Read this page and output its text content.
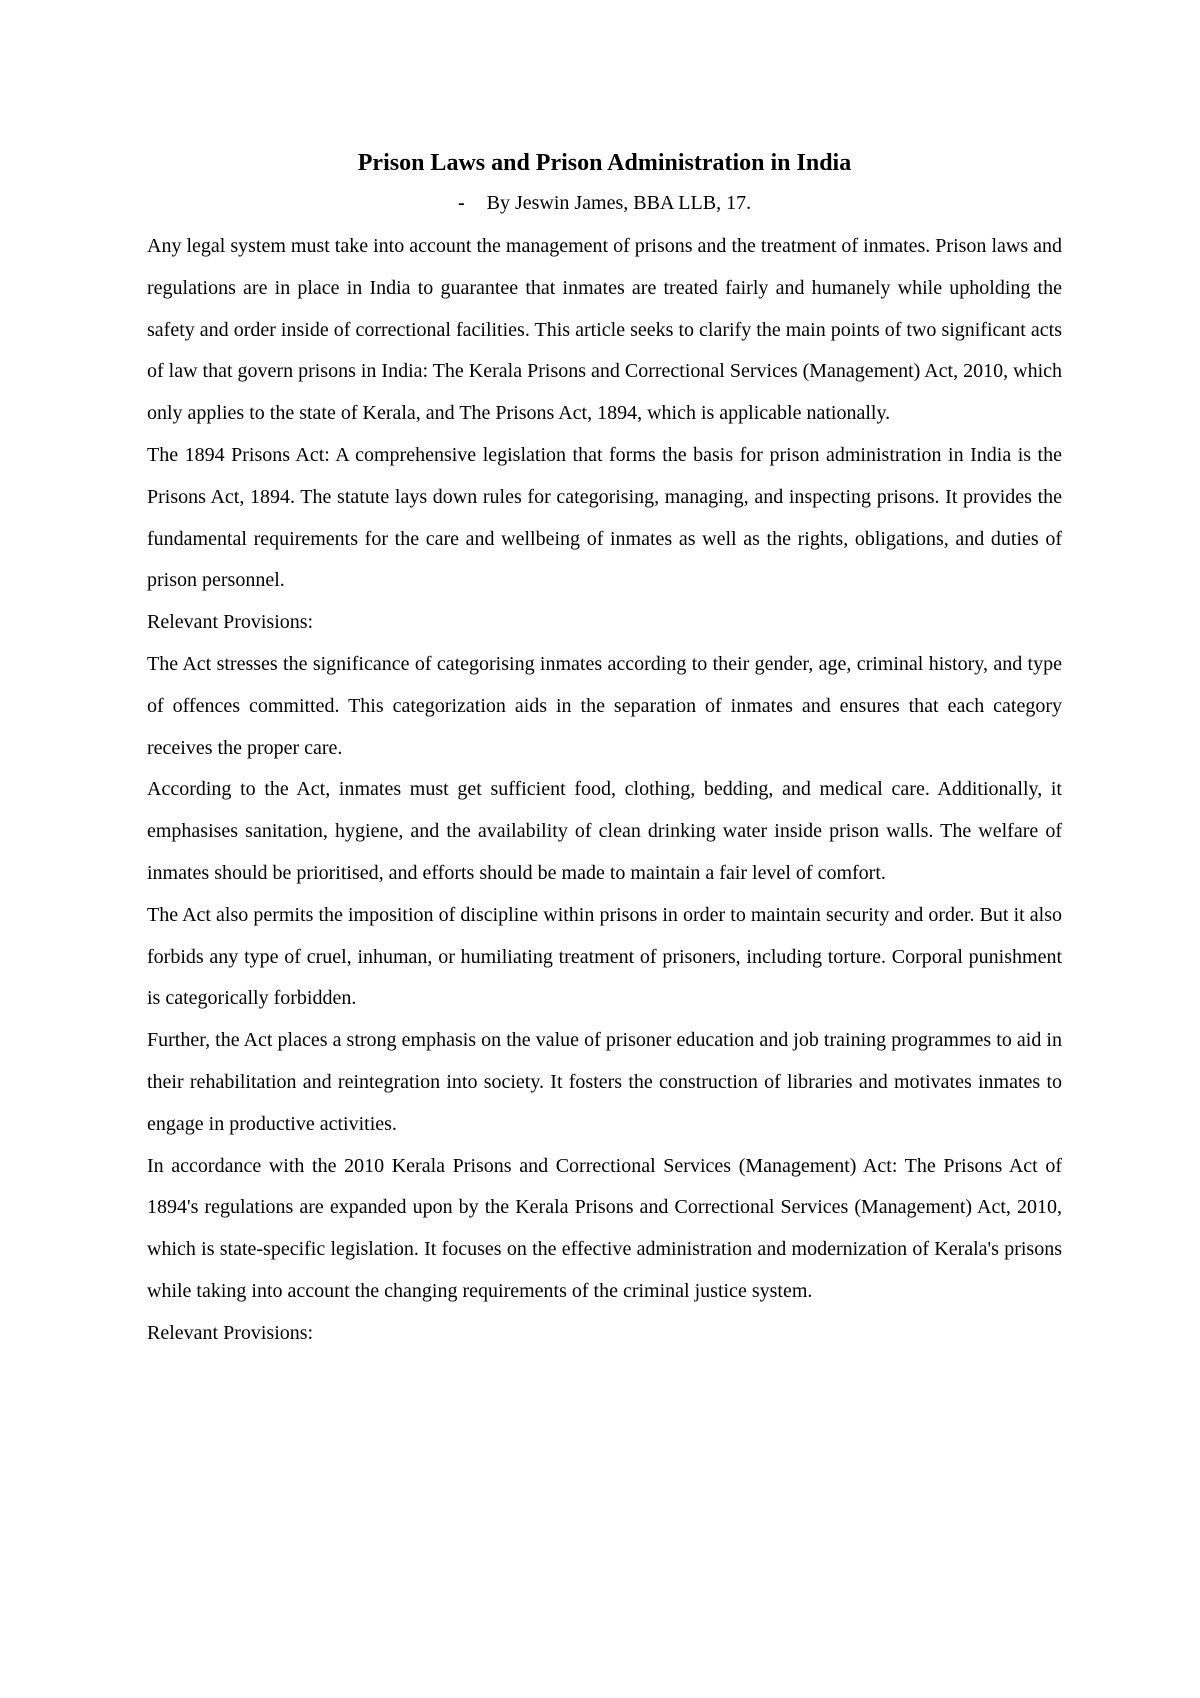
Prison Laws and Prison Administration in India

- By Jeswin James, BBA LLB, 17.

Any legal system must take into account the management of prisons and the treatment of inmates. Prison laws and regulations are in place in India to guarantee that inmates are treated fairly and humanely while upholding the safety and order inside of correctional facilities. This article seeks to clarify the main points of two significant acts of law that govern prisons in India: The Kerala Prisons and Correctional Services (Management) Act, 2010, which only applies to the state of Kerala, and The Prisons Act, 1894, which is applicable nationally.

The 1894 Prisons Act: A comprehensive legislation that forms the basis for prison administration in India is the Prisons Act, 1894. The statute lays down rules for categorising, managing, and inspecting prisons. It provides the fundamental requirements for the care and wellbeing of inmates as well as the rights, obligations, and duties of prison personnel.

Relevant Provisions:

The Act stresses the significance of categorising inmates according to their gender, age, criminal history, and type of offences committed. This categorization aids in the separation of inmates and ensures that each category receives the proper care.

According to the Act, inmates must get sufficient food, clothing, bedding, and medical care. Additionally, it emphasises sanitation, hygiene, and the availability of clean drinking water inside prison walls. The welfare of inmates should be prioritised, and efforts should be made to maintain a fair level of comfort.

The Act also permits the imposition of discipline within prisons in order to maintain security and order. But it also forbids any type of cruel, inhuman, or humiliating treatment of prisoners, including torture. Corporal punishment is categorically forbidden.

Further, the Act places a strong emphasis on the value of prisoner education and job training programmes to aid in their rehabilitation and reintegration into society. It fosters the construction of libraries and motivates inmates to engage in productive activities.

In accordance with the 2010 Kerala Prisons and Correctional Services (Management) Act: The Prisons Act of 1894's regulations are expanded upon by the Kerala Prisons and Correctional Services (Management) Act, 2010, which is state-specific legislation. It focuses on the effective administration and modernization of Kerala's prisons while taking into account the changing requirements of the criminal justice system.

Relevant Provisions:
